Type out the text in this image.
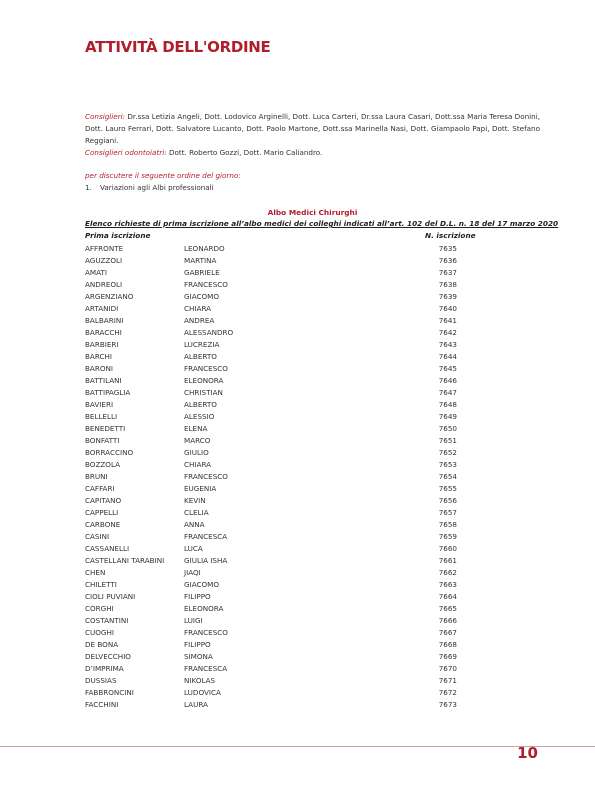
ATTIVITÀ DELL'ORDINE
Consiglieri: Dr.ssa Letizia Angeli, Dott. Lodovico Arginelli, Dott. Luca Carteri, Dr.ssa Laura Casari, Dott.ssa Maria Teresa Donini, Dott. Lauro Ferrari, Dott. Salvatore Lucanto, Dott. Paolo Martone, Dott.ssa Marinella Nasi, Dott. Giampaolo Papi, Dott. Stefano Reggiani.
Consiglieri odontoiatri: Dott. Roberto Gozzi, Dott. Mario Caliandro.
per discutere il seguente ordine del giorno:
1. Variazioni agli Albi professionali
Albo Medici Chirurghi
Elenco richieste di prima iscrizione all’albo medici dei colleghi indicati all’art. 102 del D.L. n. 18 del 17 marzo 2020
Prima iscrizione	N. iscrizione
AFFRONTE	LEONARDO	7635
AGUZZOLI	MARTINA	7636
AMATI	GABRIELE	7637
ANDREOLI	FRANCESCO	7638
ARGENZIANO	GIACOMO	7639
ARTANIDI	CHIARA	7640
BALBARINI	ANDREA	7641
BARACCHI	ALESSANDRO	7642
BARBIERI	LUCREZIA	7643
BARCHI	ALBERTO	7644
BARONI	FRANCESCO	7645
BATTILANI	ELEONORA	7646
BATTIPAGLIA	CHRISTIAN	7647
BAVIERI	ALBERTO	7648
BELLELLI	ALESSIO	7649
BENEDETTI	ELENA	7650
BONFATTI	MARCO	7651
BORRACCINO	GIULIO	7652
BOZZOLA	CHIARA	7653
BRUNI	FRANCESCO	7654
CAFFARI	EUGENIA	7655
CAPITANO	KEVIN	7656
CAPPELLI	CLELIA	7657
CARBONE	ANNA	7658
CASINI	FRANCESCA	7659
CASSANELLI	LUCA	7660
CASTELLANI TARABINI	GIULIA ISHA	7661
CHEN	JIAQI	7662
CHILETTI	GIACOMO	7663
CIOLI PUVIANI	FILIPPO	7664
CORGHI	ELEONORA	7665
COSTANTINI	LUIGI	7666
CUOGHI	FRANCESCO	7667
DE BONA	FILIPPO	7668
DELVECCHIO	SIMONA	7669
D’IMPRIMA	FRANCESCA	7670
DUSSIAS	NIKOLAS	7671
FABBRONCINI	LUDOVICA	7672
FACCHINI	LAURA	7673
10
